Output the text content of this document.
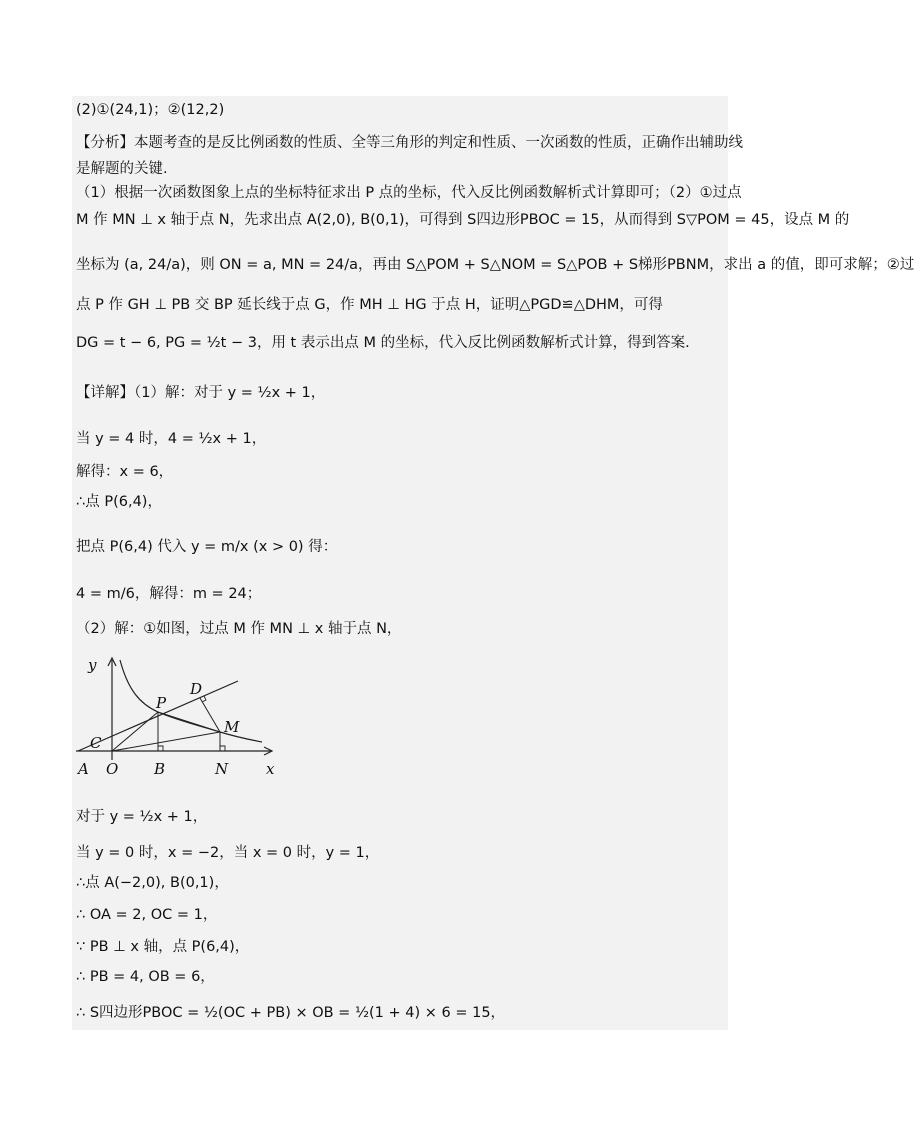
(2)①(24,1)；②(12,2)
【分析】本题考查的是反比例函数的性质、全等三角形的判定和性质、一次函数的性质，正确作出辅助线
是解题的关键.
（1）根据一次函数图象上点的坐标特征求出 P 点的坐标，代入反比例函数解析式计算即可；（2）①过点
M 作 MN ⊥ x 轴于点 N，先求出点 A(2,0), B(0,1)，可得到 S四边形PBOC = 15，从而得到 S▽POM = 45，设点 M 的
坐标为 (a, 24/a)，则 ON = a, MN = 24/a，再由 S△POM + S△NOM = S△POB + S梯形PBNM，求出 a 的值，即可求解；②过
点 P 作 GH ⊥ PB 交 BP 延长线于点 G，作 MH ⊥ HG 于点 H，证明△PGD≌△DHM，可得
DG = t − 6, PG = ½t − 3，用 t 表示出点 M 的坐标，代入反比例函数解析式计算，得到答案.
【详解】（1）解：对于 y = ½x + 1，
当 y = 4 时，4 = ½x + 1，
解得：x = 6，
∴点 P(6,4)，
把点 P(6,4) 代入 y = m/x (x > 0) 得：
4 = m/6，解得：m = 24；
（2）解：①如图，过点 M 作 MN ⊥ x 轴于点 N，
y
x
P
D
M
C
A O B	N
对于 y = ½x + 1，
当 y = 0 时，x = −2，当 x = 0 时，y = 1，
∴点 A(−2,0), B(0,1)，
∴ OA = 2, OC = 1，
∵ PB ⊥ x 轴，点 P(6,4)，
∴ PB = 4, OB = 6，
∴ S四边形PBOC = ½(OC + PB) × OB = ½(1 + 4) × 6 = 15，
